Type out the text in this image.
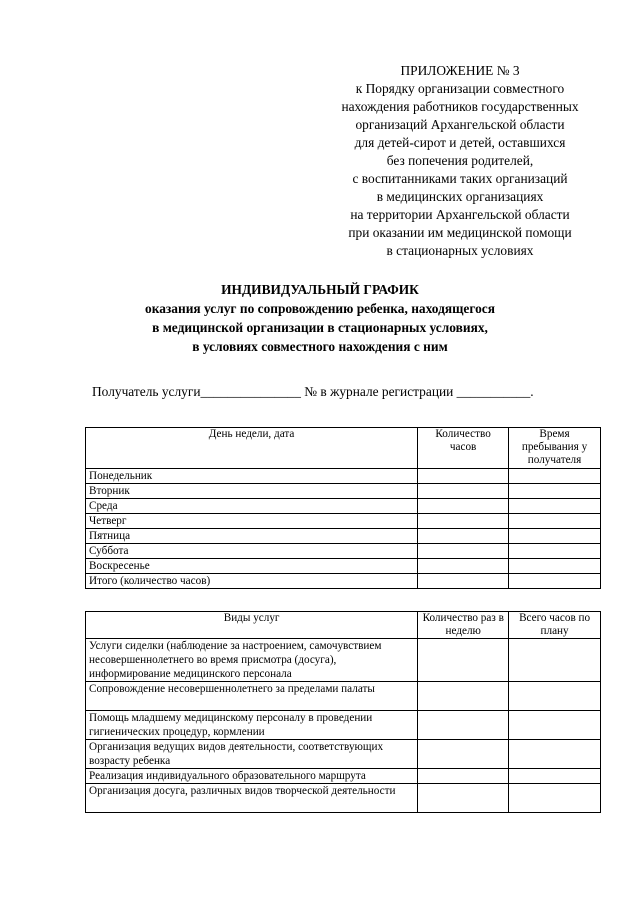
ПРИЛОЖЕНИЕ № 3
к Порядку организации совместного
нахождения работников государственных
организаций Архангельской области
для детей-сирот и детей, оставшихся
без попечения родителей,
с воспитанниками таких организаций
в медицинских организациях
на территории Архангельской области
при оказании им медицинской помощи
в стационарных условиях
ИНДИВИДУАЛЬНЫЙ ГРАФИК
оказания услуг по сопровождению ребенка, находящегося
в медицинской организации в стационарных условиях,
в условиях совместного нахождения с ним
Получатель услуги_______________ № в журнале регистрации ___________.
День недели, дата	Количество часов	Время пребывания у получателя
Понедельник		
Вторник		
Среда		
Четверг		
Пятница		
Суббота		
Воскресенье		
Итого (количество часов)		
Виды услуг	Количество раз в неделю	Всего часов по плану
Услуги сиделки (наблюдение за настроением, самочувствием несовершеннолетнего во время присмотра (досуга), информирование медицинского персонала		
Сопровождение несовершеннолетнего за пределами палаты		
Помощь младшему медицинскому персоналу в проведении гигиенических процедур, кормлении		
Организация ведущих видов деятельности, соответствующих возрасту ребенка		
Реализация индивидуального образовательного маршрута		
Организация досуга, различных видов творческой деятельности		
